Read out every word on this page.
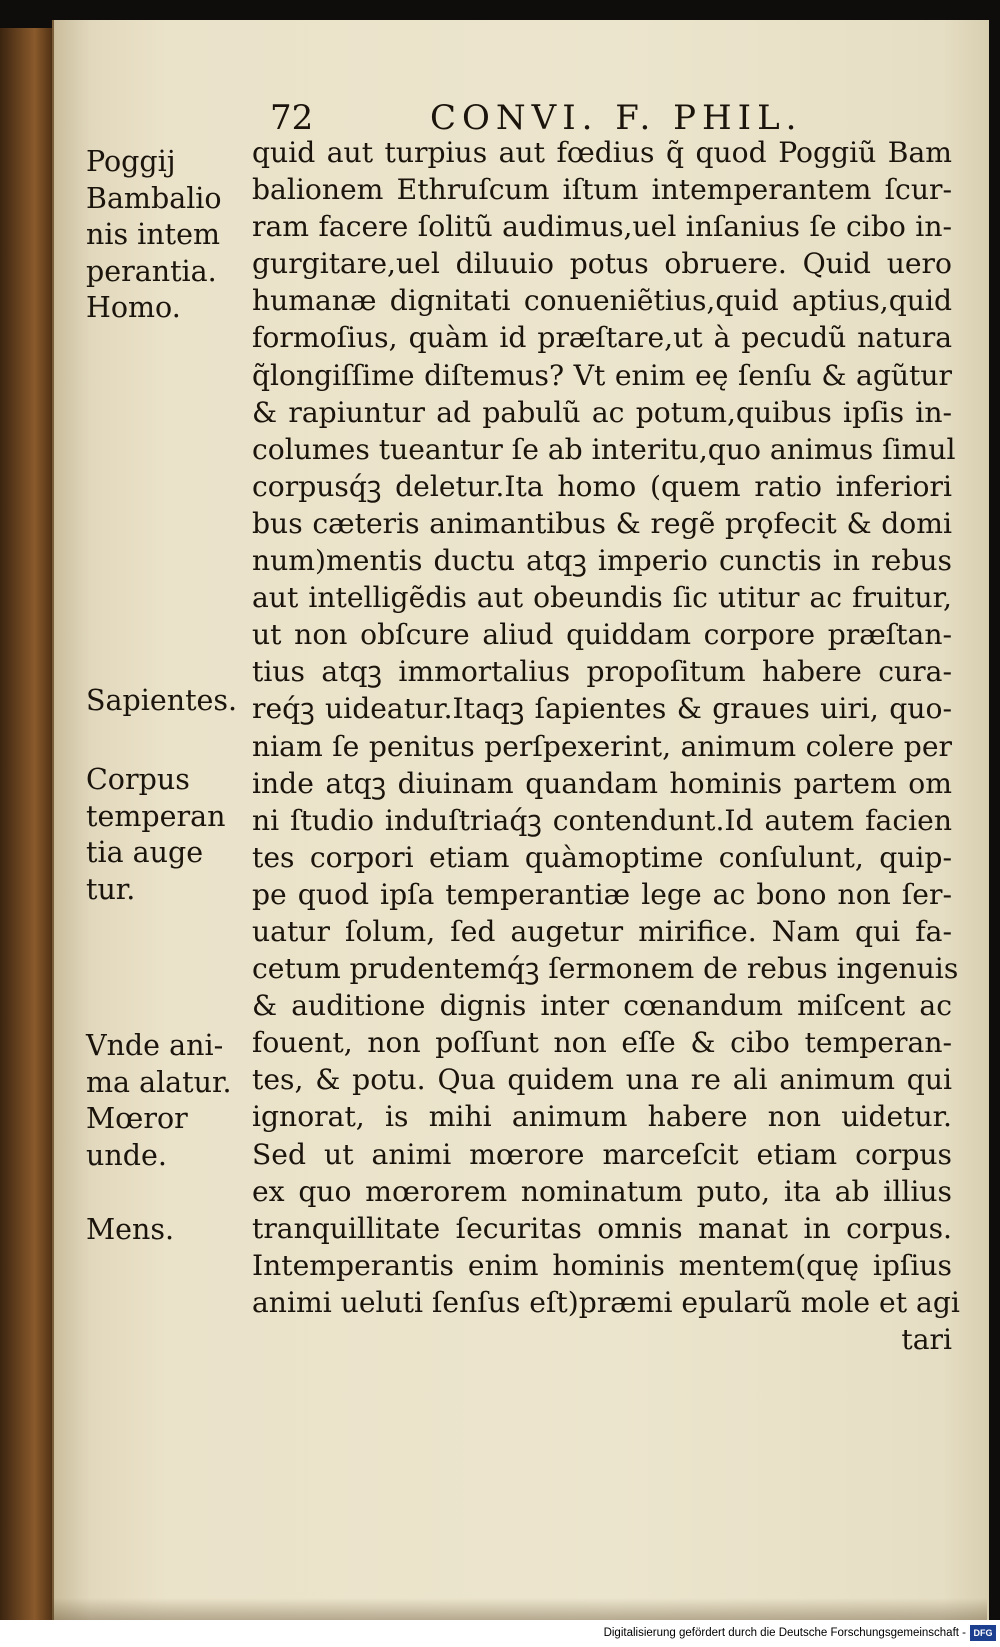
72	CONVI. F. PHIL.
Poggij
Bambalio
nis intem
perantia.
Homo.
Sapientes.
Corpus
temperan
tia auge
tur.
Vnde ani-
ma alatur.
Mœror
unde.
Mens.
quid aut turpius aut fœdius q̃ quod Poggiũ Bam
balionem Ethruſcum iſtum intemperantem ſcur-
ram facere ſolitũ audimus,uel inſanius ſe cibo in-
gurgitare,uel diluuio potus obruere. Quid uero
humanæ dignitati conueniẽtius,quid aptius,quid
formoſius, quàm id præſtare,ut à pecudũ natura
q̃longiſſime diſtemus? Vt enim eę ſenſu & agũtur
& rapiuntur ad pabulũ ac potum,quibus ipſis in-
columes tueantur ſe ab interitu,quo animus ſimul
corpusq́ꝫ deletur.Ita homo (quem ratio inferiori
bus cæteris animantibus & regẽ prǫfecit & domi
num)mentis ductu atqꝫ imperio cunctis in rebus
aut intelligẽdis aut obeundis ſic utitur ac fruitur,
ut non obſcure aliud quiddam corpore præſtan-
tius atqꝫ immortalius propoſitum habere cura-
req́ꝫ uideatur.Itaqꝫ ſapientes & graues uiri, quo-
niam ſe penitus perſpexerint, animum colere per
inde atqꝫ diuinam quandam hominis partem om
ni ſtudio induſtriaq́ꝫ contendunt.Id autem facien
tes corpori etiam quàmoptime conſulunt, quip-
pe quod ipſa temperantiæ lege ac bono non ſer-
uatur ſolum, ſed augetur mirifice. Nam qui fa-
cetum prudentemq́ꝫ ſermonem de rebus ingenuis
& auditione dignis inter cœnandum miſcent ac
fouent, non poſſunt non eſſe & cibo temperan-
tes, & potu. Qua quidem una re ali animum qui
ignorat, is mihi animum habere non uidetur.
Sed ut animi mœrore marceſcit etiam corpus
ex quo mœrorem nominatum puto, ita ab illius
tranquillitate ſecuritas omnis manat in corpus.
Intemperantis enim hominis mentem(quę ipſius
animi ueluti ſenſus eſt)præmi epularũ mole et agi
tari
Digitalisierung gefördert durch die Deutsche Forschungsgemeinschaft - DFG
